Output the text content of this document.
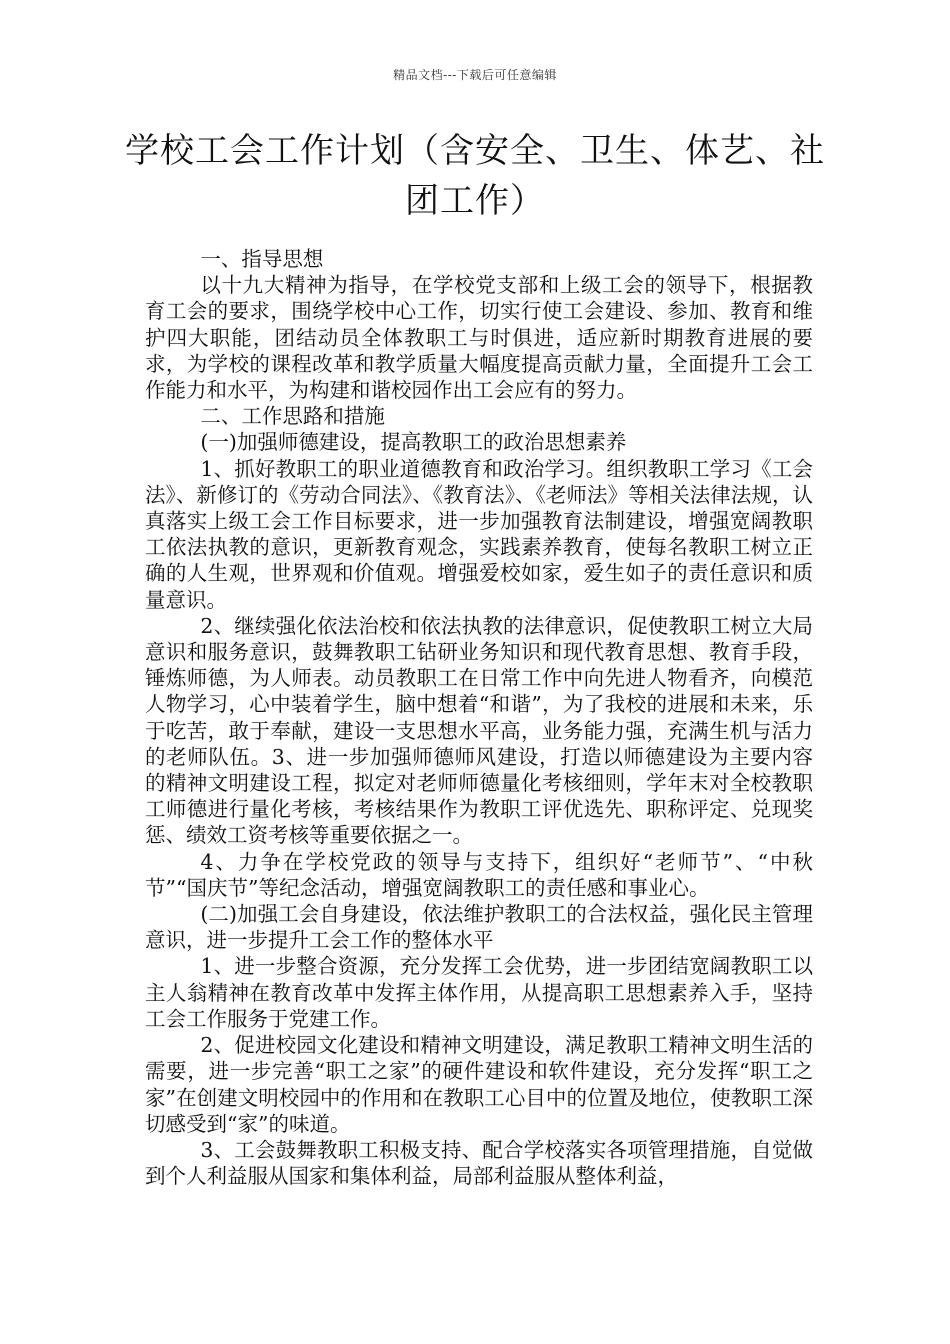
精品文档---下载后可任意编辑
学校工会工作计划（含安全、卫生、体艺、社团工作）

一、指导思想

以十九大精神为指导，在学校党支部和上级工会的领导下，根据教育工会的要求，围绕学校中心工作，切实行使工会建设、参加、教育和维护四大职能，团结动员全体教职工与时俱进，适应新时期教育进展的要求，为学校的课程改革和教学质量大幅度提高贡献力量，全面提升工会工作能力和水平，为构建和谐校园作出工会应有的努力。

二、工作思路和措施

(一)加强师德建设，提高教职工的政治思想素养

1、抓好教职工的职业道德教育和政治学习。组织教职工学习《工会法》、新修订的《劳动合同法》、《教育法》、《老师法》等相关法律法规，认真落实上级工会工作目标要求，进一步加强教育法制建设，增强宽阔教职工依法执教的意识，更新教育观念，实践素养教育，使每名教职工树立正确的人生观，世界观和价值观。增强爱校如家，爱生如子的责任意识和质量意识。

2、继续强化依法治校和依法执教的法律意识，促使教职工树立大局意识和服务意识，鼓舞教职工钻研业务知识和现代教育思想、教育手段，锤炼师德，为人师表。动员教职工在日常工作中向先进人物看齐，向模范人物学习，心中装着学生，脑中想着“和谐”，为了我校的进展和未来，乐于吃苦，敢于奉献，建设一支思想水平高，业务能力强，充满生机与活力的老师队伍。3、进一步加强师德师风建设，打造以师德建设为主要内容的精神文明建设工程，拟定对老师师德量化考核细则，学年末对全校教职工师德进行量化考核，考核结果作为教职工评优选先、职称评定、兑现奖惩、绩效工资考核等重要依据之一。

4、力争在学校党政的领导与支持下，组织好“老师节”、“中秋节”“国庆节”等纪念活动，增强宽阔教职工的责任感和事业心。

(二)加强工会自身建设，依法维护教职工的合法权益，强化民主管理意识，进一步提升工会工作的整体水平

1、进一步整合资源，充分发挥工会优势，进一步团结宽阔教职工以主人翁精神在教育改革中发挥主体作用，从提高职工思想素养入手，坚持工会工作服务于党建工作。

2、促进校园文化建设和精神文明建设，满足教职工精神文明生活的需要，进一步完善“职工之家”的硬件建设和软件建设，充分发挥“职工之家”在创建文明校园中的作用和在教职工心目中的位置及地位，使教职工深切感受到“家”的味道。

3、工会鼓舞教职工积极支持、配合学校落实各项管理措施，自觉做到个人利益服从国家和集体利益，局部利益服从整体利益，
